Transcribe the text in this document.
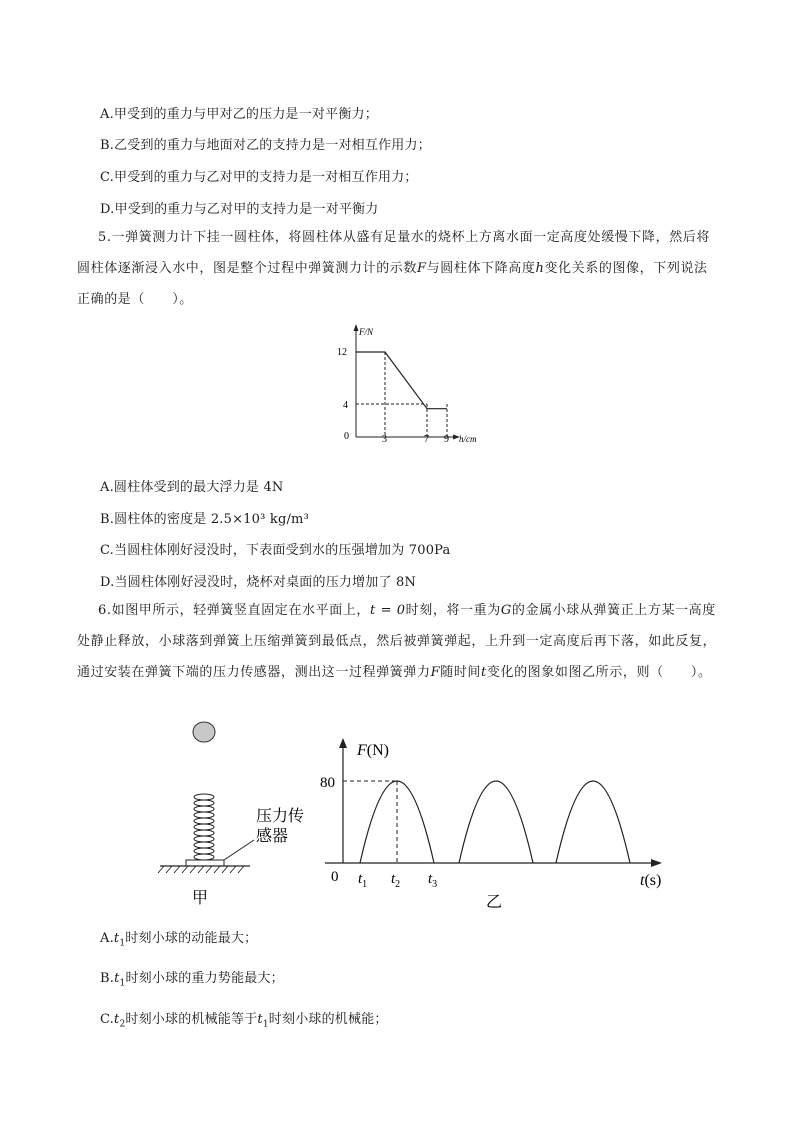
A.甲受到的重力与甲对乙的压力是一对平衡力；
B.乙受到的重力与地面对乙的支持力是一对相互作用力；
C.甲受到的重力与乙对甲的支持力是一对相互作用力；
D.甲受到的重力与乙对甲的支持力是一对平衡力
5.一弹簧测力计下挂一圆柱体，将圆柱体从盛有足量水的烧杯上方离水面一定高度处缓慢下降，然后将圆柱体逐渐浸入水中，图是整个过程中弹簧测力计的示数F与圆柱体下降高度h变化关系的图像，下列说法正确的是（　　）。
F/N
h/cm
12
4
0	3	7 9
A.圆柱体受到的最大浮力是 4N
B.圆柱体的密度是 2.5×10³ kg/m³
C.当圆柱体刚好浸没时，下表面受到水的压强增加为 700Pa
D.当圆柱体刚好浸没时，烧杯对桌面的压力增加了 8N
6.如图甲所示，轻弹簧竖直固定在水平面上，t = 0时刻，将一重为G的金属小球从弹簧正上方某一高度处静止释放，小球落到弹簧上压缩弹簧到最低点，然后被弹簧弹起，上升到一定高度后再下落，如此反复，通过安装在弹簧下端的压力传感器，测出这一过程弹簧弹力F随时间t变化的图象如图乙所示，则（　　）。
压力传
感器
甲
F(N)
80
0 $t_1$ $t_2$ $t_3$	t(s)
乙
$A.t_1$时刻小球的动能最大；
$B.t_1$时刻小球的重力势能最大；
$C.t_2$时刻小球的机械能等于$t_1$时刻小球的机械能；
